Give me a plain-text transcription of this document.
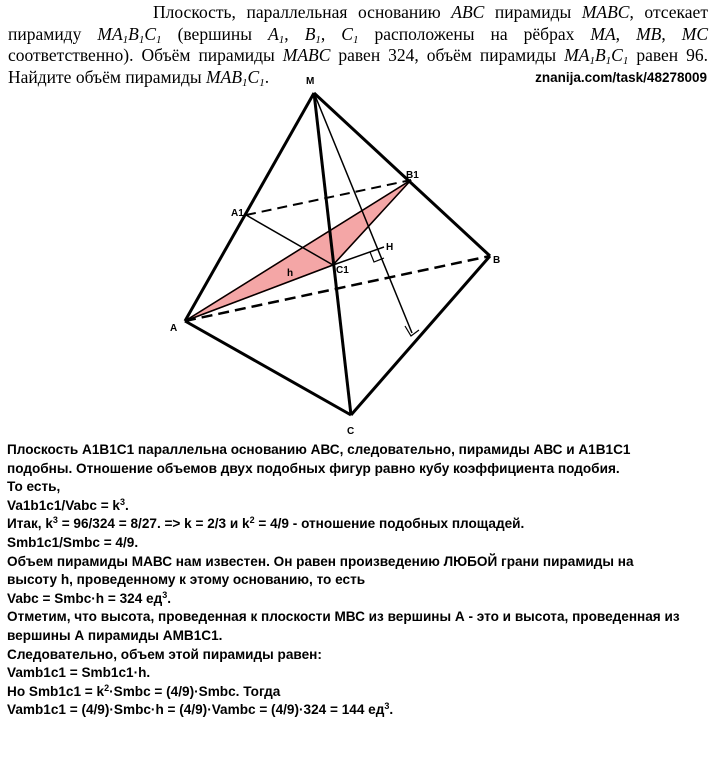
Плоскость, параллельная основанию ABC пирамиды MABC, отсекает пирамиду $MA_1B_1C_1$ (вершины $A_1$, $B_1$, $C_1$ расположены на рёбрах MA, MB, MC соответственно). Объём пирамиды MABC равен 324, объём пирамиды $MA_1B_1C_1$ равен 96. Найдите объём пирамиды $MAB_1C_1$.	znanija.com/task/48278009
M
A1
B1
H
B
h	C1
A
C
Плоскость А1В1С1 параллельна основанию АВС, следовательно, пирамиды АВС и А1В1С1
подобны. Отношение объемов двух подобных фигур равно кубу коэффициента подобия.
То есть,
Va1b1c1/Vabc = $k^3$.
Итак, $k^3 = 96/324 = 8/27$. => k = 2/3 и $k^2 = 4/9$ - отношение подобных площадей.
Smb1c1/Smbc = 4/9.
Объем пирамиды МАВС нам известен. Он равен произведению ЛЮБОЙ грани пирамиды на
высоту h, проведенному к этому основанию, то есть
Vabc = Smbc·h = 324 $ед^3$.
Отметим, что высота, проведенная к плоскости МВС из вершины А - это и высота, проведенная из
вершины А пирамиды АМВ1С1.
Следовательно, объем этой пирамиды равен:
Vamb1c1 = Smb1c1·h.
Но $Smb1c1 = k^2\cdot Smbc$ = (4/9)·Smbc. Тогда
Vamb1c1 = (4/9)·Smbc·h = (4/9)·Vambc = (4/9)·324 = 144 $ед^3$.
